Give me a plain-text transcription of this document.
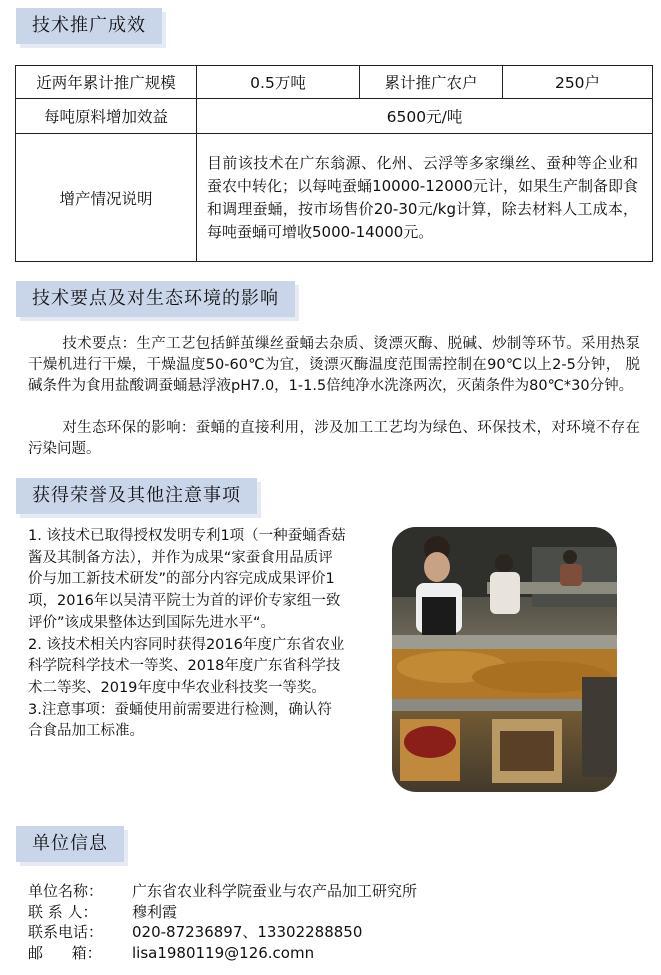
技术推广成效
近两年累计推广规模	0.5万吨	累计推广农户	250户
每吨原料增加效益	6500元/吨		
增产情况说明	目前该技术在广东翁源、化州、云浮等多家缫丝、蚕种等企业和蚕农中转化；以每吨蚕蛹10000-12000元计，如果生产制备即食和调理蚕蛹，按市场售价20-30元/kg计算，除去材料人工成本，每吨蚕蛹可增收5000-14000元。		
技术要点及对生态环境的影响
技术要点：生产工艺包括鲜茧缫丝蚕蛹去杂质、烫漂灭酶、脱碱、炒制等环节。采用热泵干燥机进行干燥，干燥温度50-60℃为宜，烫漂灭酶温度范围需控制在90℃以上2-5分钟， 脱碱条件为食用盐酸调蚕蛹悬浮液pH7.0，1-1.5倍纯净水洗涤两次，灭菌条件为80℃*30分钟。
对生态环保的影响：蚕蛹的直接利用，涉及加工工艺均为绿色、环保技术，对环境不存在污染问题。
获得荣誉及其他注意事项

1. 该技术已取得授权发明专利1项（一种蚕蛹香菇酱及其制备方法），并作为成果“家蚕食用品质评价与加工新技术研发”的部分内容完成成果评价1项，2016年以吴清平院士为首的评价专家组一致评价”该成果整体达到国际先进水平“。

2. 该技术相关内容同时获得2016年度广东省农业科学院科学技术一等奖、2018年度广东省科学技术二等奖、2019年度中华农业科技奖一等奖。

3.注意事项：蚕蛹使用前需要进行检测，确认符合食品加工标准。

单位信息
单位名称： 广东省农业科学院蚕业与农产品加工研究所
联 系 人： 穆利霞
联系电话： 020-87236897、13302288850
邮      箱： lisa1980119@126.comn
